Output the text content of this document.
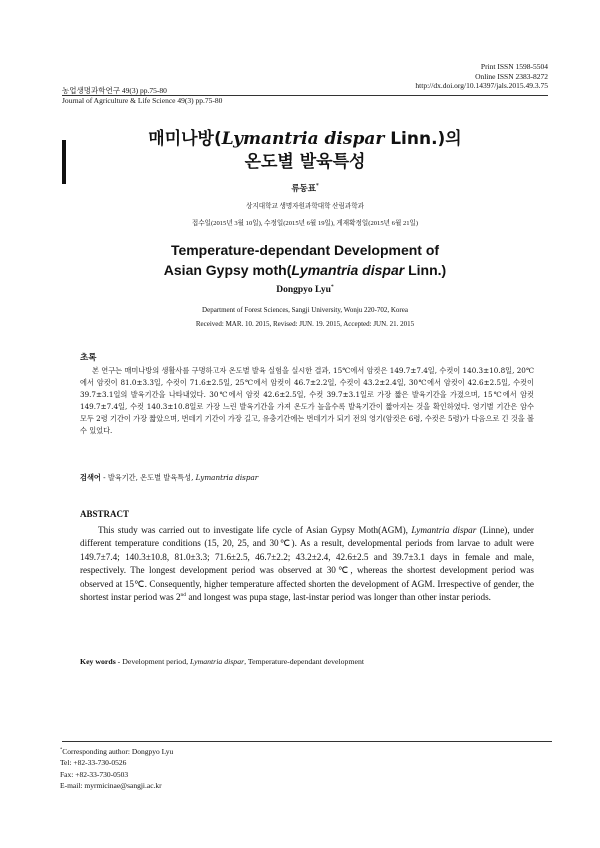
Print ISSN 1598-5504
Online ISSN 2383-8272
http://dx.doi.org/10.14397/jals.2015.49.3.75
농업생명과학연구 49(3) pp.75-80
Journal of Agriculture & Life Science 49(3) pp.75-80
매미나방(Lymantria dispar Linn.)의
온도별 발육특성
류동표*
상지대학교 생명자원과학대학 산림과학과
접수일(2015년 3월 10일), 수정일(2015년 6월 19일), 게재확정일(2015년 6월 21일)
Temperature-dependant Development of
Asian Gypsy moth(Lymantria dispar Linn.)
Dongpyo Lyu*
Department of Forest Sciences, Sangji University, Wonju 220-702, Korea
Received: MAR. 10. 2015, Revised: JUN. 19. 2015, Accepted: JUN. 21. 2015
초록
본 연구는 매미나방의 생활사를 구명하고자 온도별 발육 실험을 실시한 결과, 15℃에서 암컷은 149.7±7.4일, 수컷이 140.3±10.8일, 20℃에서 암컷이 81.0±3.3일, 수컷이 71.6±2.5일, 25℃에서 암컷이 46.7±2.2일, 수컷이 43.2±2.4일, 30℃에서 암컷이 42.6±2.5일, 수컷이 39.7±3.1일의 발육기간을 나타내었다. 30℃에서 암컷 42.6±2.5일, 수컷 39.7±3.1일로 가장 짧은 발육기간을 가졌으며, 15℃에서 암컷 149.7±7.4일, 수컷 140.3±10.8일로 가장 느린 발육기간을 가져 온도가 높을수록 발육기간이 짧아지는 것을 확인하였다. 영기별 기간은 암수 모두 2령 기간이 가장 짧았으며, 번데기 기간이 가장 길고, 유충기간에는 번데기가 되기 전의 영기(암컷은 6령, 수컷은 5령)가 다음으로 긴 것을 볼 수 있었다.
검색어 - 발육기간, 온도별 발육특성, Lymantria dispar
ABSTRACT
This study was carried out to investigate life cycle of Asian Gypsy Moth(AGM), Lymantria dispar (Linne), under different temperature conditions (15, 20, 25, and 30℃). As a result, developmental periods from larvae to adult were 149.7±7.4; 140.3±10.8, 81.0±3.3; 71.6±2.5, 46.7±2.2; 43.2±2.4, 42.6±2.5 and 39.7±3.1 days in female and male, respectively. The longest development period was observed at 30℃, whereas the shortest development period was observed at 15℃. Consequently, higher temperature affected shorten the development of AGM. Irrespective of gender, the shortest instar period was 2nd and longest was pupa stage, last-instar period was longer than other instar periods.
Key words - Development period, Lymantria dispar, Temperature-dependant development
*Corresponding author: Dongpyo Lyu
Tel: +82-33-730-0526
Fax: +82-33-730-0503
E-mail: myrmicinae@sangji.ac.kr
